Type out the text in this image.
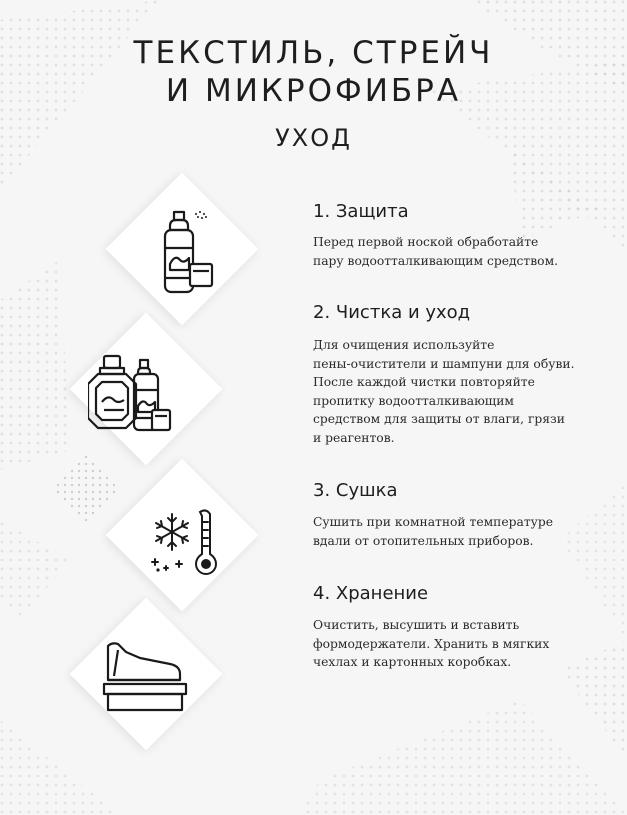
ТЕКСТИЛЬ, СТРЕЙЧ
И МИКРОФИБРА
УХОД
1. Защита
Перед первой ноской обработайте
пару водоотталкивающим средством.
2. Чистка и уход
Для очищения используйте
пены-очистители и шампуни для обуви.
После каждой чистки повторяйте
пропитку водоотталкивающим
средством для защиты от влаги, грязи
и реагентов.
3. Сушка
Сушить при комнатной температуре
вдали от отопительных приборов.
4. Хранение
Очистить, высушить и вставить
формодержатели. Хранить в мягких
чехлах и картонных коробках.
